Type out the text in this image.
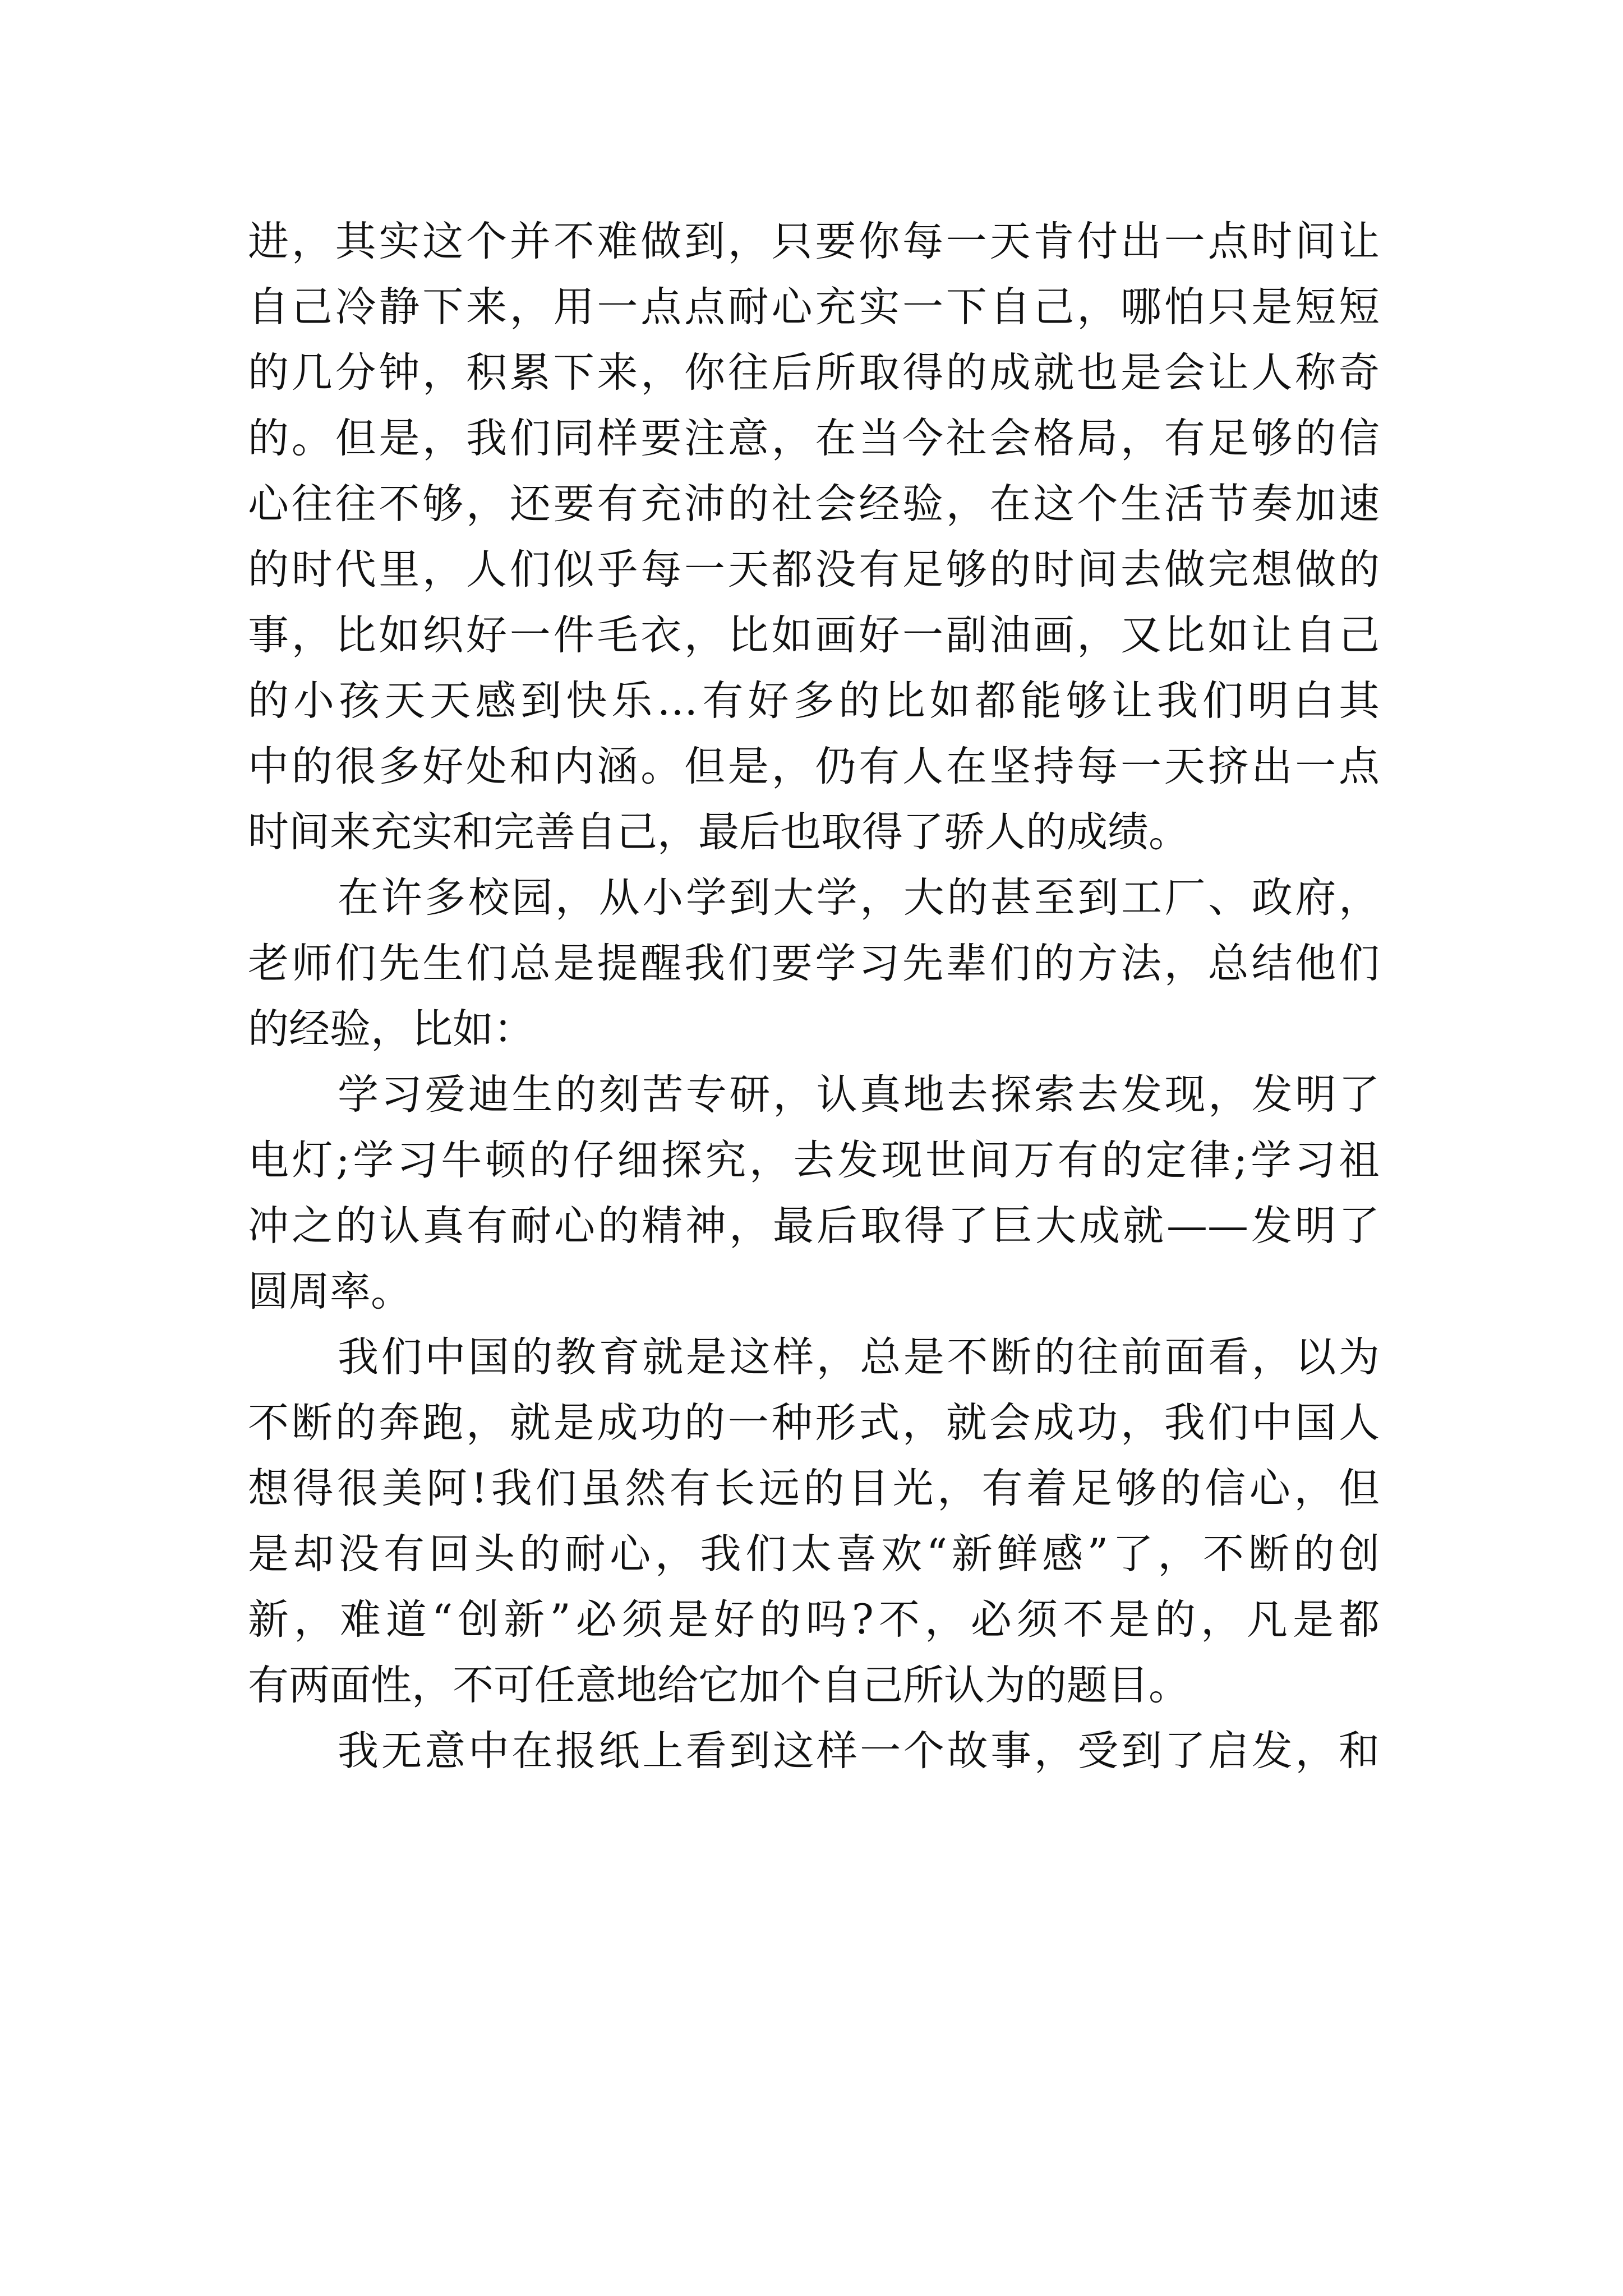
进，其实这个并不难做到，只要你每一天肯付出一点时间让
自己冷静下来，用一点点耐心充实一下自己，哪怕只是短短
的几分钟，积累下来，你往后所取得的成就也是会让人称奇
的。但是，我们同样要注意，在当今社会格局，有足够的信
心往往不够，还要有充沛的社会经验，在这个生活节奏加速
的时代里，人们似乎每一天都没有足够的时间去做完想做的
事，比如织好一件毛衣，比如画好一副油画，又比如让自己
的小孩天天感到快乐…有好多的比如都能够让我们明白其
中的很多好处和内涵。但是，仍有人在坚持每一天挤出一点
时间来充实和完善自己，最后也取得了骄人的成绩。

在许多校园，从小学到大学，大的甚至到工厂、政府，
老师们先生们总是提醒我们要学习先辈们的方法，总结他们
的经验，比如：

学习爱迪生的刻苦专研，认真地去探索去发现，发明了
电灯;学习牛顿的仔细探究，去发现世间万有的定律;学习祖
冲之的认真有耐心的精神，最后取得了巨大成就——发明了
圆周率。

我们中国的教育就是这样，总是不断的往前面看，以为
不断的奔跑，就是成功的一种形式，就会成功，我们中国人
想得很美阿!我们虽然有长远的目光，有着足够的信心，但
是却没有回头的耐心，我们太喜欢“新鲜感”了，不断的创
新，难道“创新”必须是好的吗?不，必须不是的，凡是都
有两面性，不可任意地给它加个自己所认为的题目。

我无意中在报纸上看到这样一个故事，受到了启发，和
